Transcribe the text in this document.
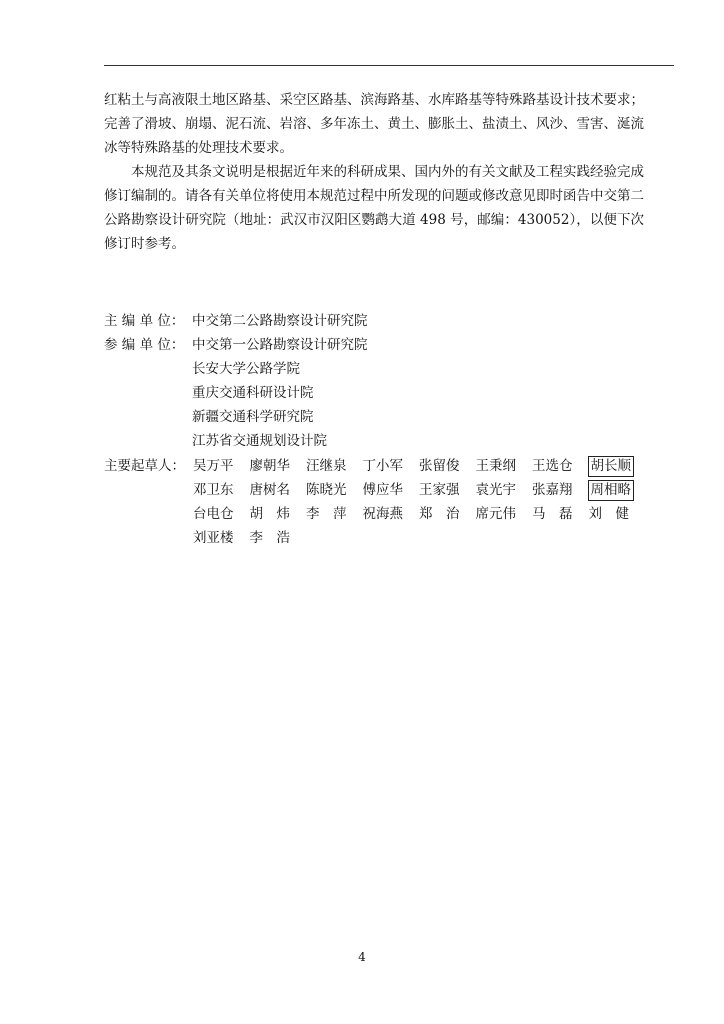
红粘土与高液限土地区路基、采空区路基、滨海路基、水库路基等特殊路基设计技术要求；完善了滑坡、崩塌、泥石流、岩溶、多年冻土、黄土、膨胀土、盐渍土、风沙、雪害、涎流冰等特殊路基的处理技术要求。
本规范及其条文说明是根据近年来的科研成果、国内外的有关文献及工程实践经验完成修订编制的。请各有关单位将使用本规范过程中所发现的问题或修改意见即时函告中交第二公路勘察设计研究院（地址：武汉市汉阳区鹦鹉大道 498 号，邮编：430052），以便下次修订时参考。
主 编 单 位： 中交第二公路勘察设计研究院
参 编 单 位： 中交第一公路勘察设计研究院
长安大学公路学院
重庆交通科研设计院
新疆交通科学研究院
江苏省交通规划设计院
主要起草人： 吴万平 廖朝华 汪继泉 丁小军 张留俊 王秉纲 王选仓 胡长顺
邓卫东 唐树名 陈晓光 傅应华 王家强 袁光宇 张嘉翔 周相略
台电仓 胡　炜 李　萍 祝海燕 郑　治 席元伟 马　磊 刘　健
刘亚楼 李　浩
4
